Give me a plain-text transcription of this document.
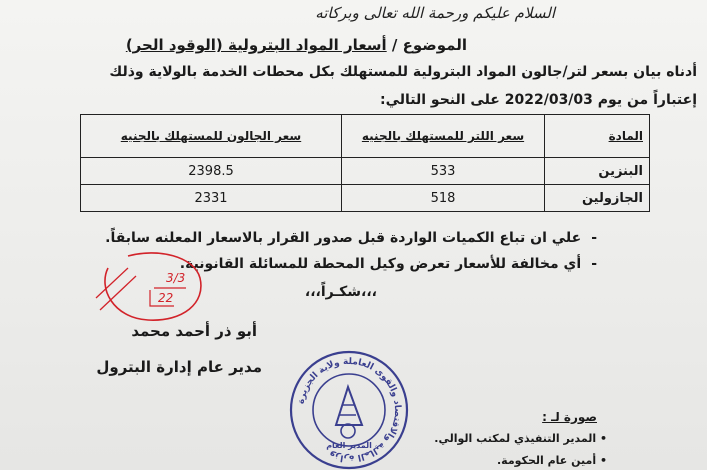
السلام عليكم ورحمة الله تعالى وبركاته
الموضوع / أسعار المواد البترولية (الوقود الحر)
أدناه بيان بسعر لتر/جالون المواد البترولية للمستهلك بكل محطات الخدمة بالولاية وذلك
إعتباراً من يوم 2022/03/03 على النحو التالي:
المادة	سعر اللتر للمستهلك بالجنيه	سعر الجالون للمستهلك بالجنيه
البنزين	533	2398.5
الجازولين	518	2331
-علي ان تباع الكميات الواردة قبل صدور القرار بالاسعار المعلنه سابقاً.
-أي مخالفة للأسعار تعرض وكيل المحطة للمسائلة القانونية.
،،،شكـراً،،،
3/3
22
أبو ذر أحمد محمد
مدير عام إدارة البترول
وزارة المالية والاقتصاد والقوى العاملة ولاية الجزيرة
المدير العام
صورة لـ :
• المدير التنفيذي لمكتب الوالي.
• أمين عام الحكومة.
